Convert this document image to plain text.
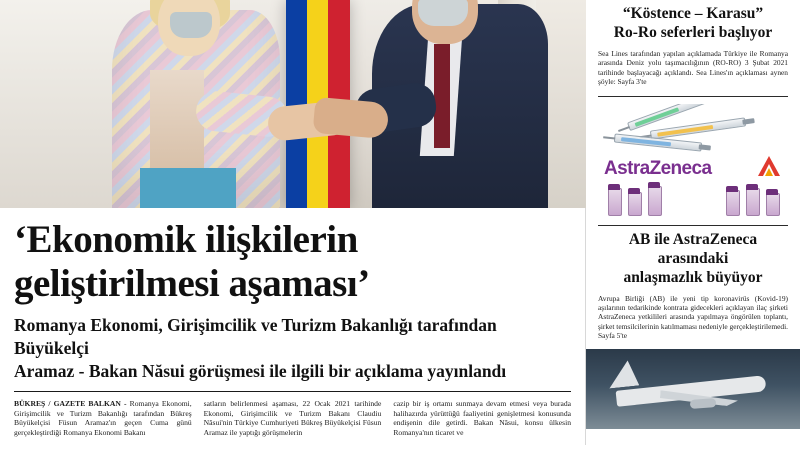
‘Ekonomik ilişkilerin
geliştirilmesi aşaması’

Romanya Ekonomi, Girişimcilik ve Turizm Bakanlığı tarafından Büyükelçi
Aramaz - Bakan Năsui görüşmesi ile ilgili bir açıklama yayınlandı

BÜKREŞ / GAZETE BALKAN - Romanya Ekonomi, Girişimcilik ve Turizm Bakanlığı tarafından Bükreş Büyükelçisi Füsun Aramaz'ın geçen Cuma günü gerçekleştirdiği Romanya Ekonomi Bakanı

satların belirlenmesi aşaması, 22 Ocak 2021 tarihinde Ekonomi, Girişimcilik ve Turizm Bakanı Claudiu Năsui'nin Türkiye Cumhuriyeti Bükreş Büyükelçisi Füsun Aramaz ile yaptığı görüşmelerin

cazip bir iş ortamı sunmaya devam etmesi veya burada halihazırda yürüttüğü faaliyetini genişletmesi konusunda endişenin dile getirdi. Bakan Năsui, konsu ülkesin Romanya'nın ticaret ve

“Köstence – Karasu”
Ro-Ro seferleri başlıyor

Sea Lines tarafından yapılan açıklamada Türkiye ile Romanya arasında Deniz yolu taşımacılığının (RO-RO) 3 Şubat 2021 tarihinde başlayacağı açıklandı. Sea Lines'ın açıklaması aynen şöyle: Sayfa 3'te

AstraZeneca
AB ile AstraZeneca
arasındaki
anlaşmazlık büyüyor

Avrupa Birliği (AB) ile yeni tip koronavirüs (Kovid-19) aşılarının tedarikinde kontrata gidecekleri açıklayan ilaç şirketi AstraZeneca yetkilileri arasında yapılmaya öngörülen toplantı, şirket temsilcilerinin katılmaması nedeniyle gerçekleştirilemedi. Sayfa 5'te
